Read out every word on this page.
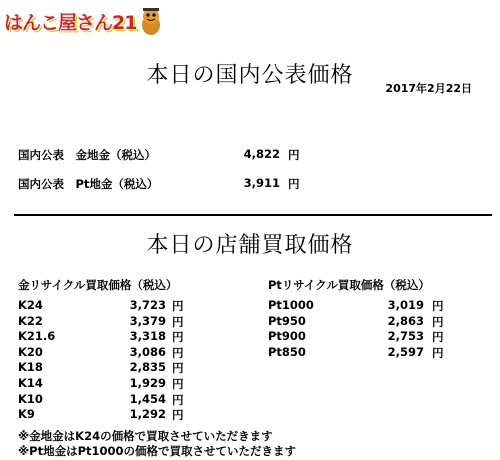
はんこ屋さん21
本日の国内公表価格
2017年2月22日
国内公表　金地金（税込）	4,822 円
国内公表　Pt地金（税込）	3,911 円
本日の店舗買取価格
金リサイクル買取価格（税込）	Ptリサイクル買取価格（税込）
K24	3,723 円
K22	3,379 円
K21.6	3,318 円
K20	3,086 円
K18	2,835 円
K14	1,929 円
K10	1,454 円
K9	1,292 円
Pt1000	3,019 円
Pt950	2,863 円
Pt900	2,753 円
Pt850	2,597 円
※金地金はK24の価格で買取させていただきます
※Pt地金はPt1000の価格で買取させていただきます
